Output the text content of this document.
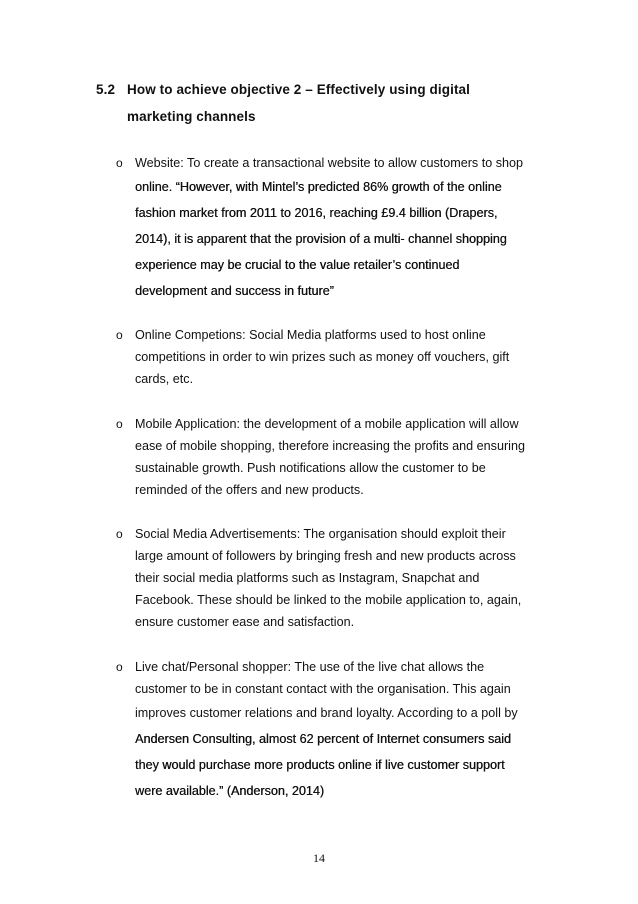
5.2 How to achieve objective 2 – Effectively using digital
marketing channels
o Website: To create a transactional website to allow customers to shop
online. “However, with Mintel’s predicted 86% growth of the online
fashion market from 2011 to 2016, reaching £9.4 billion (Drapers,
2014), it is apparent that the provision of a multi- channel shopping
experience may be crucial to the value retailer’s continued
development and success in future”
o Online Competions: Social Media platforms used to host online
competitions in order to win prizes such as money off vouchers, gift
cards, etc.
o Mobile Application: the development of a mobile application will allow
ease of mobile shopping, therefore increasing the profits and ensuring
sustainable growth. Push notifications allow the customer to be
reminded of the offers and new products.
o Social Media Advertisements: The organisation should exploit their
large amount of followers by bringing fresh and new products across
their social media platforms such as Instagram, Snapchat and
Facebook. These should be linked to the mobile application to, again,
ensure customer ease and satisfaction.
o Live chat/Personal shopper: The use of the live chat allows the
customer to be in constant contact with the organisation. This again
improves customer relations and brand loyalty. According to a poll by
Andersen Consulting, almost 62 percent of Internet consumers said
they would purchase more products online if live customer support
were available.” (Anderson, 2014)
14
